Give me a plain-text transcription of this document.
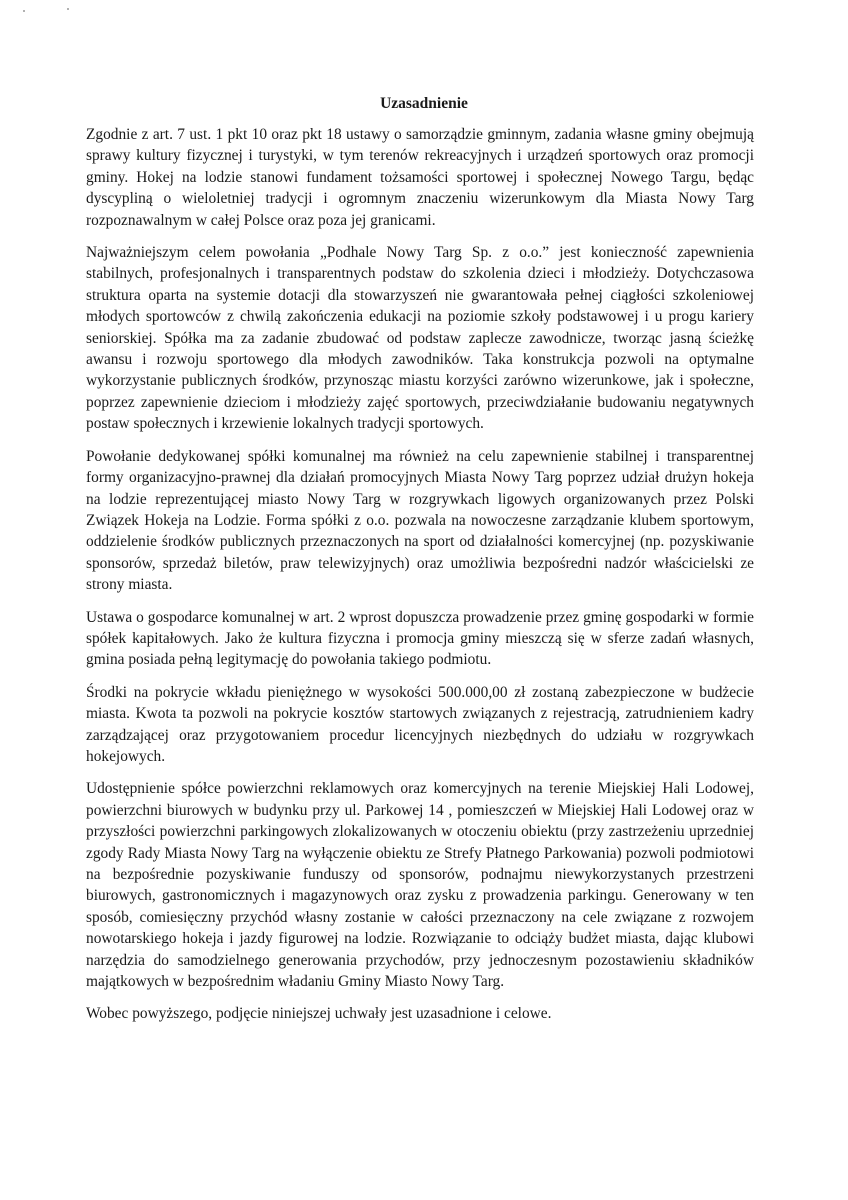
Uzasadnienie

Zgodnie z art. 7 ust. 1 pkt 10 oraz pkt 18 ustawy o samorządzie gminnym, zadania własne gminy obejmują sprawy kultury fizycznej i turystyki, w tym terenów rekreacyjnych i urządzeń sportowych oraz promocji gminy. Hokej na lodzie stanowi fundament tożsamości sportowej i społecznej Nowego Targu, będąc dyscypliną o wieloletniej tradycji i ogromnym znaczeniu wizerunkowym dla Miasta Nowy Targ rozpoznawalnym w całej Polsce oraz poza jej granicami.

Najważniejszym celem powołania „Podhale Nowy Targ Sp. z o.o.” jest konieczność zapewnienia stabilnych, profesjonalnych i transparentnych podstaw do szkolenia dzieci i młodzieży. Dotychczasowa struktura oparta na systemie dotacji dla stowarzyszeń nie gwarantowała pełnej ciągłości szkoleniowej młodych sportowców z chwilą zakończenia edukacji na poziomie szkoły podstawowej i u progu kariery seniorskiej. Spółka ma za zadanie zbudować od podstaw zaplecze zawodnicze, tworząc jasną ścieżkę awansu i rozwoju sportowego dla młodych zawodników. Taka konstrukcja pozwoli na optymalne wykorzystanie publicznych środków, przynosząc miastu korzyści zarówno wizerunkowe, jak i społeczne, poprzez zapewnienie dzieciom i młodzieży zajęć sportowych, przeciwdziałanie budowaniu negatywnych postaw społecznych i krzewienie lokalnych tradycji sportowych.

Powołanie dedykowanej spółki komunalnej ma również na celu zapewnienie stabilnej i transparentnej formy organizacyjno-prawnej dla działań promocyjnych Miasta Nowy Targ poprzez udział drużyn hokeja na lodzie reprezentującej miasto Nowy Targ w rozgrywkach ligowych organizowanych przez Polski Związek Hokeja na Lodzie. Forma spółki z o.o. pozwala na nowoczesne zarządzanie klubem sportowym, oddzielenie środków publicznych przeznaczonych na sport od działalności komercyjnej (np. pozyskiwanie sponsorów, sprzedaż biletów, praw telewizyjnych) oraz umożliwia bezpośredni nadzór właścicielski ze strony miasta.

Ustawa o gospodarce komunalnej w art. 2 wprost dopuszcza prowadzenie przez gminę gospodarki w formie spółek kapitałowych. Jako że kultura fizyczna i promocja gminy mieszczą się w sferze zadań własnych, gmina posiada pełną legitymację do powołania takiego podmiotu.

Środki na pokrycie wkładu pieniężnego w wysokości 500.000,00 zł zostaną zabezpieczone w budżecie miasta. Kwota ta pozwoli na pokrycie kosztów startowych związanych z rejestracją, zatrudnieniem kadry zarządzającej oraz przygotowaniem procedur licencyjnych niezbędnych do udziału w rozgrywkach hokejowych.

Udostępnienie spółce powierzchni reklamowych oraz komercyjnych na terenie Miejskiej Hali Lodowej, powierzchni biurowych w budynku przy ul. Parkowej 14 , pomieszczeń w Miejskiej Hali Lodowej oraz w przyszłości powierzchni parkingowych zlokalizowanych w otoczeniu obiektu (przy zastrzeżeniu uprzedniej zgody Rady Miasta Nowy Targ na wyłączenie obiektu ze Strefy Płatnego Parkowania) pozwoli podmiotowi na bezpośrednie pozyskiwanie funduszy od sponsorów, podnajmu niewykorzystanych przestrzeni biurowych, gastronomicznych i magazynowych oraz zysku z prowadzenia parkingu. Generowany w ten sposób, comiesięczny przychód własny zostanie w całości przeznaczony na cele związane z rozwojem nowotarskiego hokeja i jazdy figurowej na lodzie. Rozwiązanie to odciąży budżet miasta, dając klubowi narzędzia do samodzielnego generowania przychodów, przy jednoczesnym pozostawieniu składników majątkowych w bezpośrednim władaniu Gminy Miasto Nowy Targ.

Wobec powyższego, podjęcie niniejszej uchwały jest uzasadnione i celowe.
